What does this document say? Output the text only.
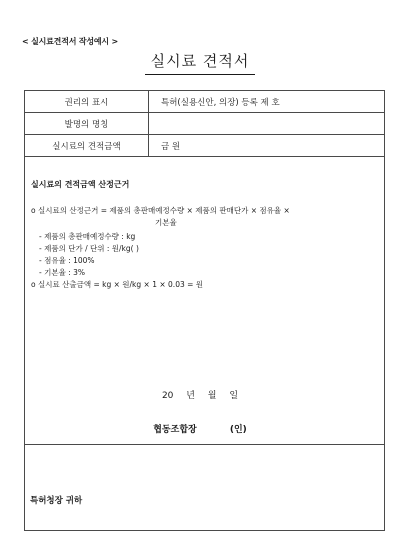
< 실시료견적서 작성예시 >
실시료 견적서
권리의 표시	특허(실용신안, 의장) 등록 제 호
발명의 명칭
실시료의 견적금액	금 원
실시료의 견적금액 산정근거
o 실시료의 산정근거 = 제품의 총판매예정수량 × 제품의 판매단가 × 점유율 ×
기본율
- 제품의 총판매예정수량 : kg
- 제품의 단가 / 단위 : 원/kg( )
- 점유율 : 100%
- 기본율 : 3%
o 실시료 산출금액 = kg × 원/kg × 1 × 0.03 = 원
20 년 월 일
협동조합장 (인)
특허청장 귀하
